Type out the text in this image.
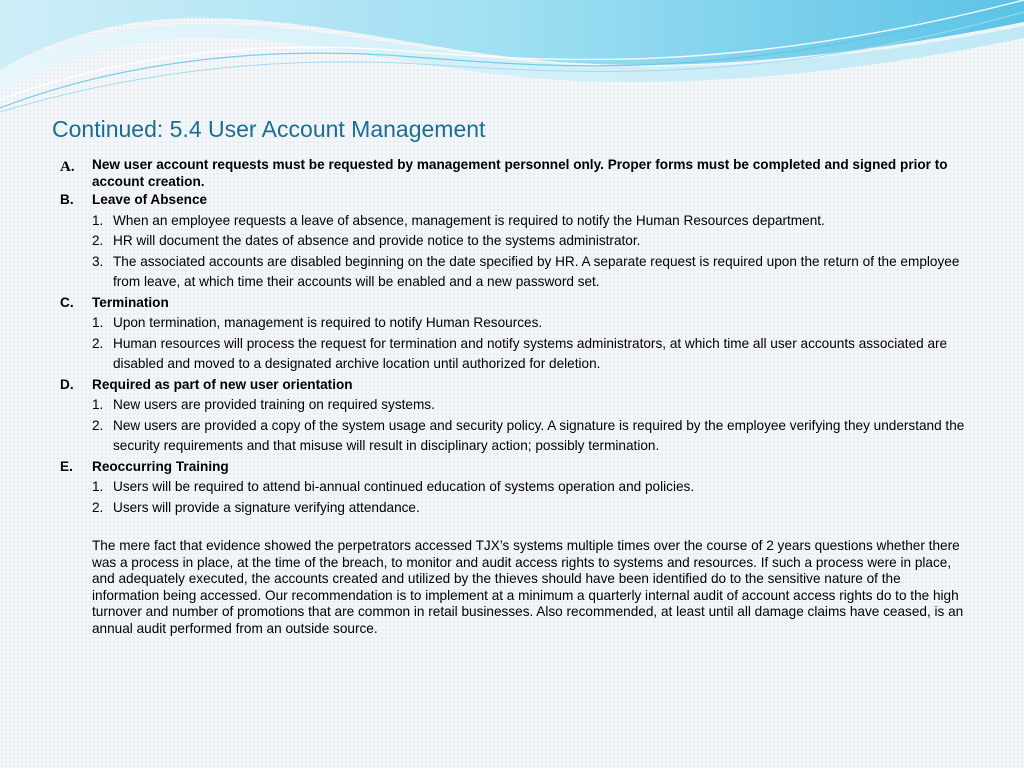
Continued: 5.4 User Account Management
A.	New user account requests must be requested by management personnel only. Proper forms must be completed and signed prior to account creation.
B.	Leave of Absence
1. When an employee requests a leave of absence, management is required to notify the Human Resources department.
2. HR will document the dates of absence and provide notice to the systems administrator.
3. The associated accounts are disabled beginning on the date specified by HR. A separate request is required upon the return of the employee from leave, at which time their accounts will be enabled and a new password set.
C.	Termination
1. Upon termination, management is required to notify Human Resources.
2. Human resources will process the request for termination and notify systems administrators, at which time all user accounts associated are disabled and moved to a designated archive location until authorized for deletion.
D.	Required as part of new user orientation
1. New users are provided training on required systems.
2. New users are provided a copy of the system usage and security policy. A signature is required by the employee verifying they understand the security requirements and that misuse will result in disciplinary action; possibly termination.
E.	Reoccurring Training
1. Users will be required to attend bi-annual continued education of systems operation and policies.
2. Users will provide a signature verifying attendance.
The mere fact that evidence showed the perpetrators accessed TJX’s systems multiple times over the course of 2 years questions whether there was a process in place, at the time of the breach, to monitor and audit access rights to systems and resources. If such a process were in place, and adequately executed, the accounts created and utilized by the thieves should have been identified do to the sensitive nature of the information being accessed. Our recommendation is to implement at a minimum a quarterly internal audit of account access rights do to the high turnover and number of promotions that are common in retail businesses. Also recommended, at least until all damage claims have ceased, is an annual audit performed from an outside source.
